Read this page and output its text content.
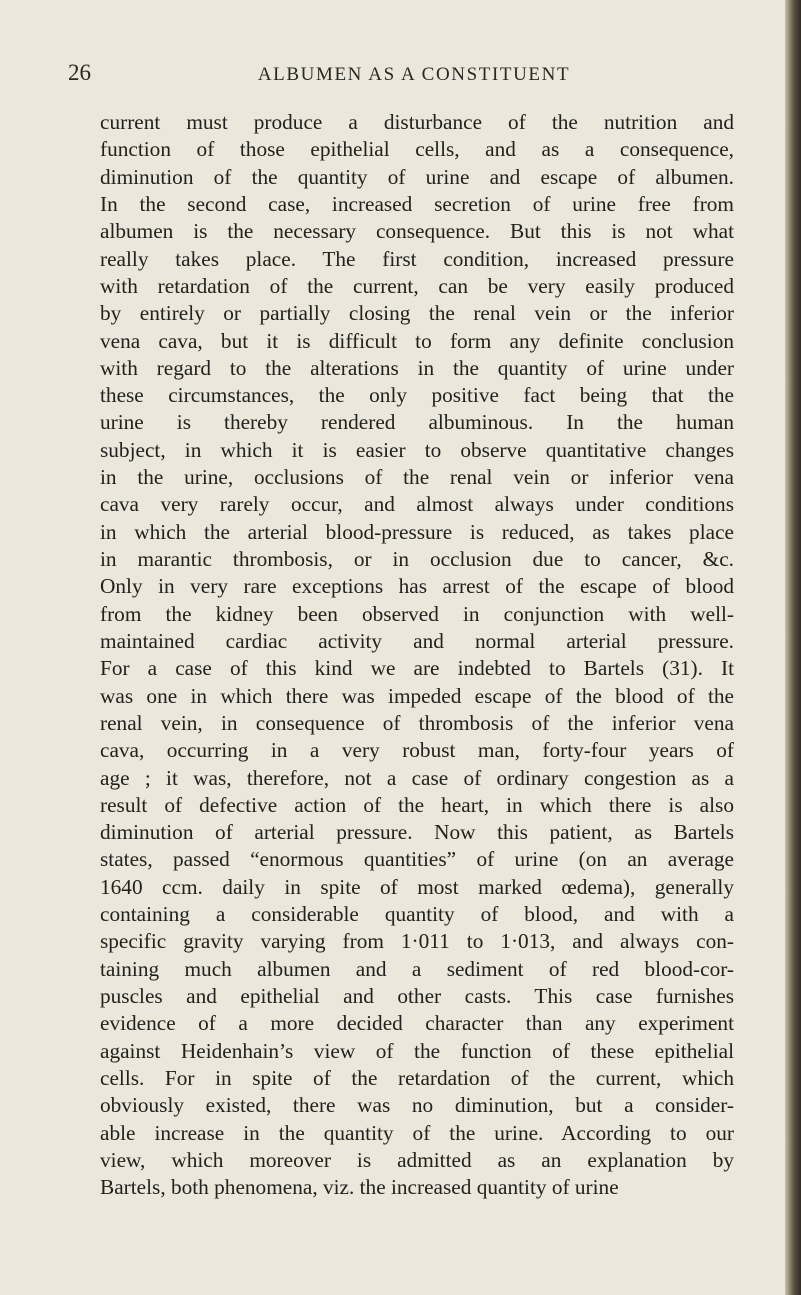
26	ALBUMEN AS A CONSTITUENT
current must produce a disturbance of the nutrition and
function of those epithelial cells, and as a consequence,
diminution of the quantity of urine and escape of albumen.
In the second case, increased secretion of urine free from
albumen is the necessary consequence. But this is not what
really takes place. The first condition, increased pressure
with retardation of the current, can be very easily produced
by entirely or partially closing the renal vein or the inferior
vena cava, but it is difficult to form any definite conclusion
with regard to the alterations in the quantity of urine under
these circumstances, the only positive fact being that the
urine is thereby rendered albuminous. In the human
subject, in which it is easier to observe quantitative changes
in the urine, occlusions of the renal vein or inferior vena
cava very rarely occur, and almost always under conditions
in which the arterial blood-pressure is reduced, as takes place
in marantic thrombosis, or in occlusion due to cancer, &c.
Only in very rare exceptions has arrest of the escape of blood
from the kidney been observed in conjunction with well-
maintained cardiac activity and normal arterial pressure.
For a case of this kind we are indebted to Bartels (31). It
was one in which there was impeded escape of the blood of the
renal vein, in consequence of thrombosis of the inferior vena
cava, occurring in a very robust man, forty-four years of
age ; it was, therefore, not a case of ordinary congestion as a
result of defective action of the heart, in which there is also
diminution of arterial pressure. Now this patient, as Bartels
states, passed “enormous quantities” of urine (on an average
1640 ccm. daily in spite of most marked œdema), generally
containing a considerable quantity of blood, and with a
specific gravity varying from 1·011 to 1·013, and always con-
taining much albumen and a sediment of red blood-cor-
puscles and epithelial and other casts. This case furnishes
evidence of a more decided character than any experiment
against Heidenhain’s view of the function of these epithelial
cells. For in spite of the retardation of the current, which
obviously existed, there was no diminution, but a consider-
able increase in the quantity of the urine. According to our
view, which moreover is admitted as an explanation by
Bartels, both phenomena, viz. the increased quantity of urine
